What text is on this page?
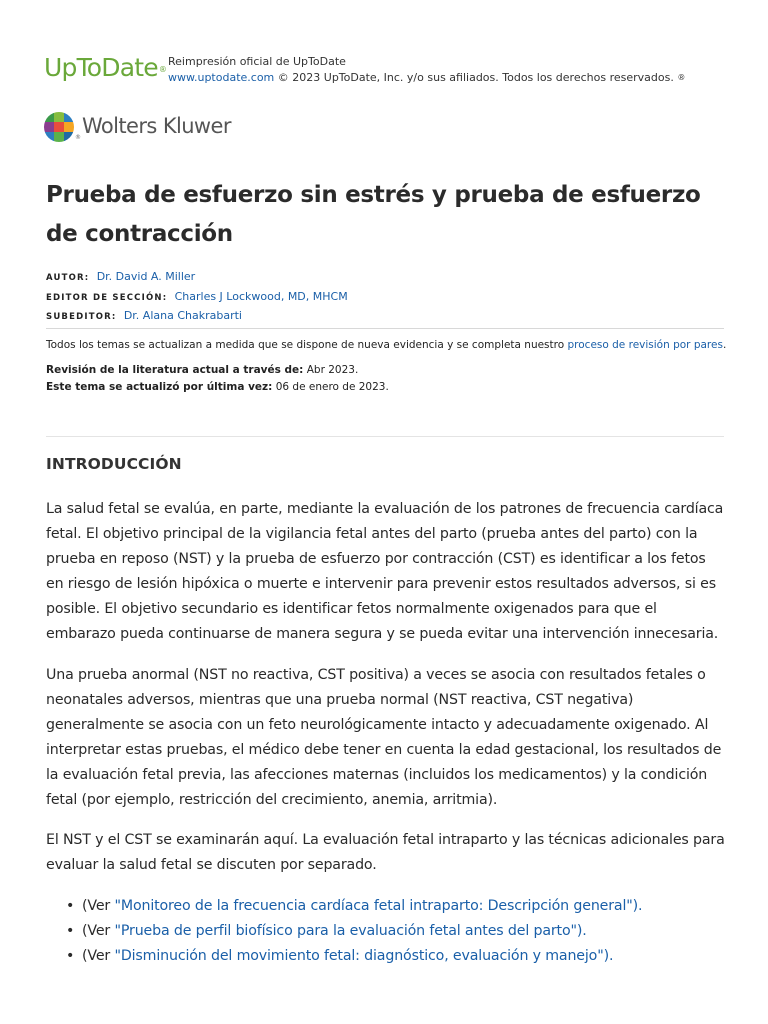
UpToDate®
Reimpresión oficial de UpToDate
www.uptodate.com © 2023 UpToDate, Inc. y/o sus afiliados. Todos los derechos reservados. ®
® Wolters Kluwer
Prueba de esfuerzo sin estrés y prueba de esfuerzo de contracción
AUTOR: Dr. David A. Miller
EDITOR DE SECCIÓN: Charles J Lockwood, MD, MHCM
SUBEDITOR: Dr. Alana Chakrabarti
Todos los temas se actualizan a medida que se dispone de nueva evidencia y se completa nuestro proceso de revisión por pares.
Revisión de la literatura actual a través de: Abr 2023.
Este tema se actualizó por última vez: 06 de enero de 2023.
INTRODUCCIÓN

La salud fetal se evalúa, en parte, mediante la evaluación de los patrones de frecuencia cardíaca fetal. El objetivo principal de la vigilancia fetal antes del parto (prueba antes del parto) con la prueba en reposo (NST) y la prueba de esfuerzo por contracción (CST) es identificar a los fetos en riesgo de lesión hipóxica o muerte e intervenir para prevenir estos resultados adversos, si es posible. El objetivo secundario es identificar fetos normalmente oxigenados para que el embarazo pueda continuarse de manera segura y se pueda evitar una intervención innecesaria.

Una prueba anormal (NST no reactiva, CST positiva) a veces se asocia con resultados fetales o neonatales adversos, mientras que una prueba normal (NST reactiva, CST negativa) generalmente se asocia con un feto neurológicamente intacto y adecuadamente oxigenado. Al interpretar estas pruebas, el médico debe tener en cuenta la edad gestacional, los resultados de la evaluación fetal previa, las afecciones maternas (incluidos los medicamentos) y la condición fetal (por ejemplo, restricción del crecimiento, anemia, arritmia).

El NST y el CST se examinarán aquí. La evaluación fetal intraparto y las técnicas adicionales para evaluar la salud fetal se discuten por separado.

• (Ver "Monitoreo de la frecuencia cardíaca fetal intraparto: Descripción general").
• (Ver "Prueba de perfil biofísico para la evaluación fetal antes del parto").
• (Ver "Disminución del movimiento fetal: diagnóstico, evaluación y manejo").
